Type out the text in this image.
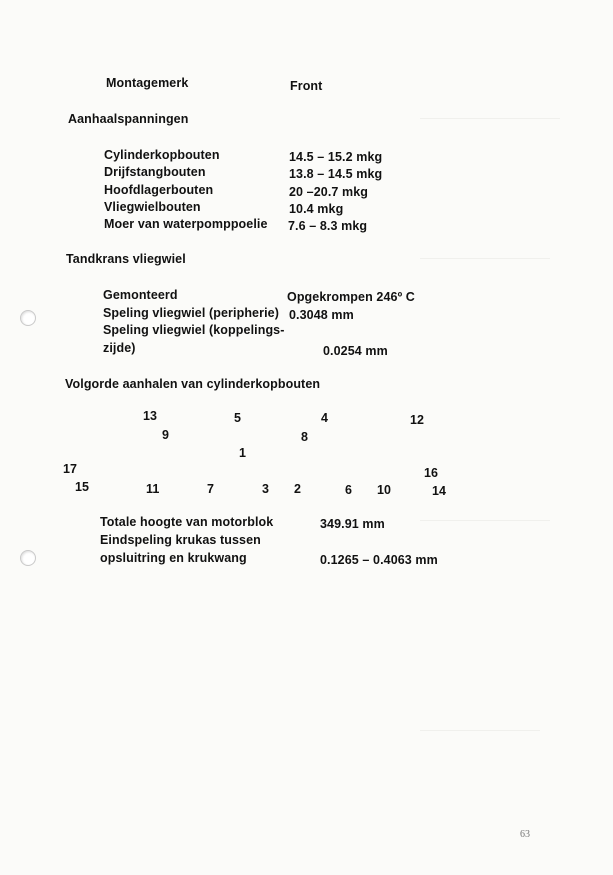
Montagemerk	Front
Aanhaalspanningen
Cylinderkopbouten	14.5 – 15.2 mkg
Drijfstangbouten	13.8 – 14.5 mkg
Hoofdlagerbouten	20 –20.7 mkg
Vliegwielbouten	10.4 mkg
Moer van waterpomppoelie 7.6 – 8.3 mkg
Tandkrans vliegwiel
Gemonteerd	Opgekrompen 246º C
Speling vliegwiel (peripherie) 0.3048 mm
Speling vliegwiel (koppelings-
zijde)	0.0254 mm
Volgorde aanhalen van cylinderkopbouten
13	5	4	12
9	8
1
17	16
15	11	7	3 2	6 10	14
Totale hoogte van motorblok	349.91 mm
Eindspeling krukas tussen
opsluitring en krukwang	0.1265 – 0.4063 mm
63
